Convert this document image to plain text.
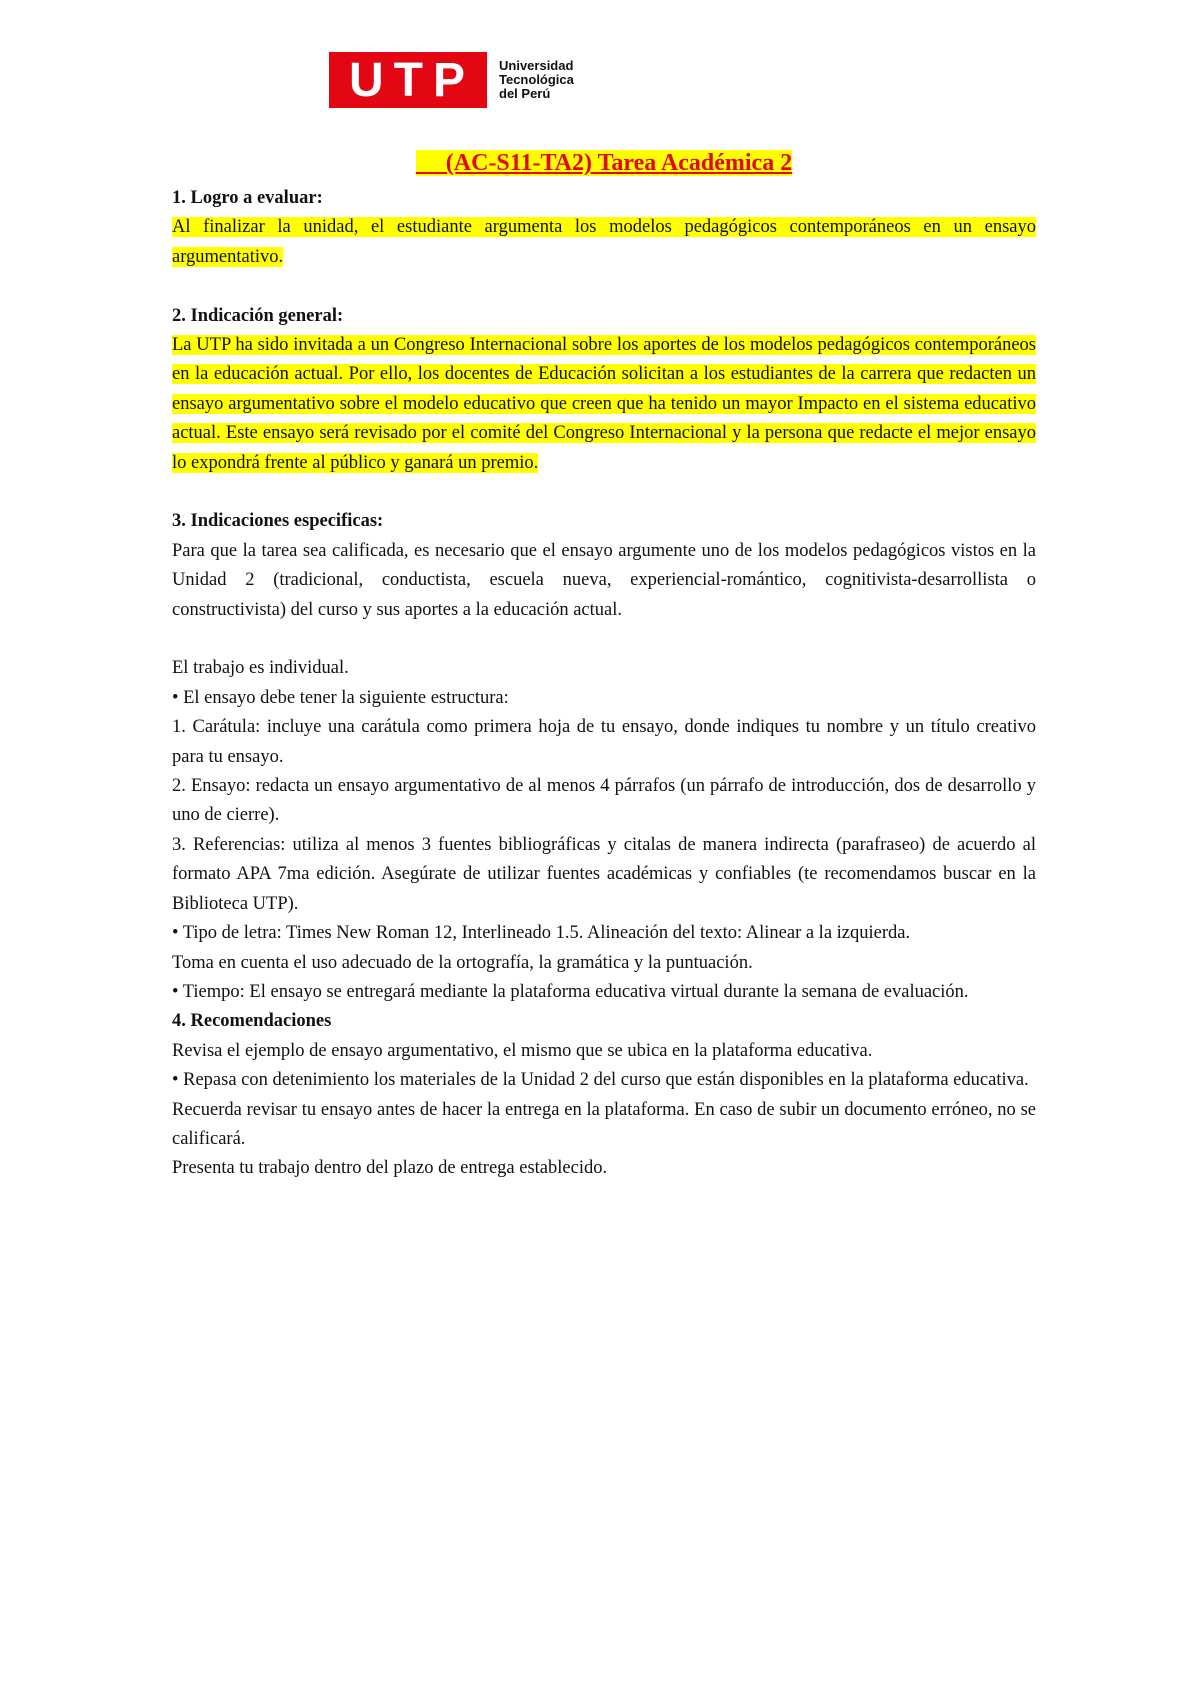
UTP	Universidad
Tecnológica
del Perú
(AC-S11-TA2) Tarea Académica 2

1. Logro a evaluar:

Al finalizar la unidad, el estudiante argumenta los modelos pedagógicos contemporáneos en un ensayo argumentativo.

2. Indicación general:

La UTP ha sido invitada a un Congreso Internacional sobre los aportes de los modelos pedagógicos contemporáneos en la educación actual. Por ello, los docentes de Educación solicitan a los estudiantes de la carrera que redacten un ensayo argumentativo sobre el modelo educativo que creen que ha tenido un mayor Impacto en el sistema educativo actual. Este ensayo será revisado por el comité del Congreso Internacional y la persona que redacte el mejor ensayo lo expondrá frente al público y ganará un premio.

3. Indicaciones especificas:

Para que la tarea sea calificada, es necesario que el ensayo argumente uno de los modelos pedagógicos vistos en la Unidad 2 (tradicional, conductista, escuela nueva, experiencial-romántico, cognitivista-desarrollista o constructivista) del curso y sus aportes a la educación actual.

El trabajo es individual.

• El ensayo debe tener la siguiente estructura:

1. Carátula: incluye una carátula como primera hoja de tu ensayo, donde indiques tu nombre y un título creativo para tu ensayo.

2. Ensayo: redacta un ensayo argumentativo de al menos 4 párrafos (un párrafo de introducción, dos de desarrollo y uno de cierre).

3. Referencias: utiliza al menos 3 fuentes bibliográficas y citalas de manera indirecta (parafraseo) de acuerdo al formato APA 7ma edición. Asegúrate de utilizar fuentes académicas y confiables (te recomendamos buscar en la Biblioteca UTP).

• Tipo de letra: Times New Roman 12, Interlineado 1.5. Alineación del texto: Alinear a la izquierda.

Toma en cuenta el uso adecuado de la ortografía, la gramática y la puntuación.

• Tiempo: El ensayo se entregará mediante la plataforma educativa virtual durante la semana de evaluación.

4. Recomendaciones

Revisa el ejemplo de ensayo argumentativo, el mismo que se ubica en la plataforma educativa.

• Repasa con detenimiento los materiales de la Unidad 2 del curso que están disponibles en la plataforma educativa.

Recuerda revisar tu ensayo antes de hacer la entrega en la plataforma. En caso de subir un documento erróneo, no se calificará.

Presenta tu trabajo dentro del plazo de entrega establecido.
